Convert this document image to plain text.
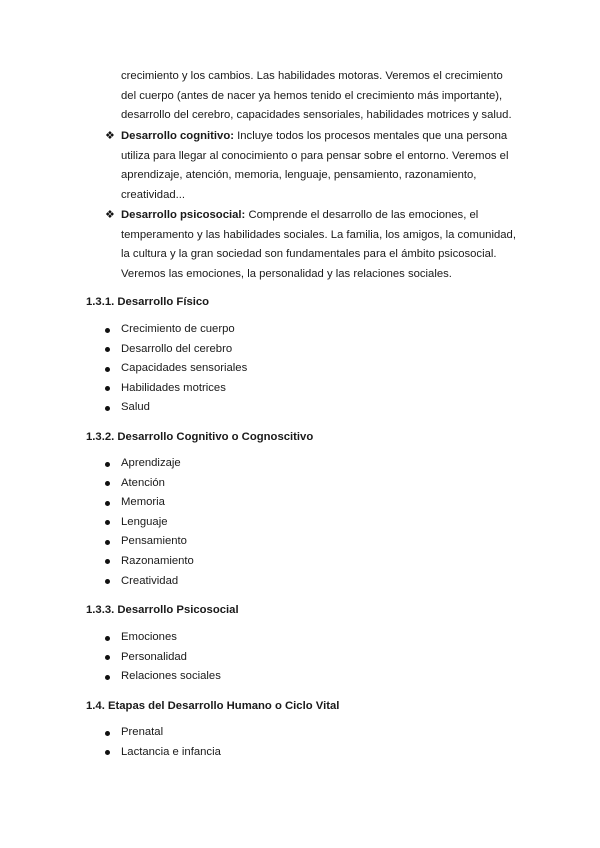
crecimiento y los cambios. Las habilidades motoras. Veremos el crecimiento
del cuerpo (antes de nacer ya hemos tenido el crecimiento más importante),
desarrollo del cerebro, capacidades sensoriales, habilidades motrices y salud.
❖ Desarrollo cognitivo: Incluye todos los procesos mentales que una persona
utiliza para llegar al conocimiento o para pensar sobre el entorno. Veremos el
aprendizaje, atención, memoria, lenguaje, pensamiento, razonamiento,
creatividad...
❖ Desarrollo psicosocial: Comprende el desarrollo de las emociones, el
temperamento y las habilidades sociales. La familia, los amigos, la comunidad,
la cultura y la gran sociedad son fundamentales para el ámbito psicosocial.
Veremos las emociones, la personalidad y las relaciones sociales.
1.3.1. Desarrollo Físico
Crecimiento de cuerpo
Desarrollo del cerebro
Capacidades sensoriales
Habilidades motrices
Salud
1.3.2. Desarrollo Cognitivo o Cognoscitivo
Aprendizaje
Atención
Memoria
Lenguaje
Pensamiento
Razonamiento
Creatividad
1.3.3. Desarrollo Psicosocial
Emociones
Personalidad
Relaciones sociales
1.4. Etapas del Desarrollo Humano o Ciclo Vital
Prenatal
Lactancia e infancia
